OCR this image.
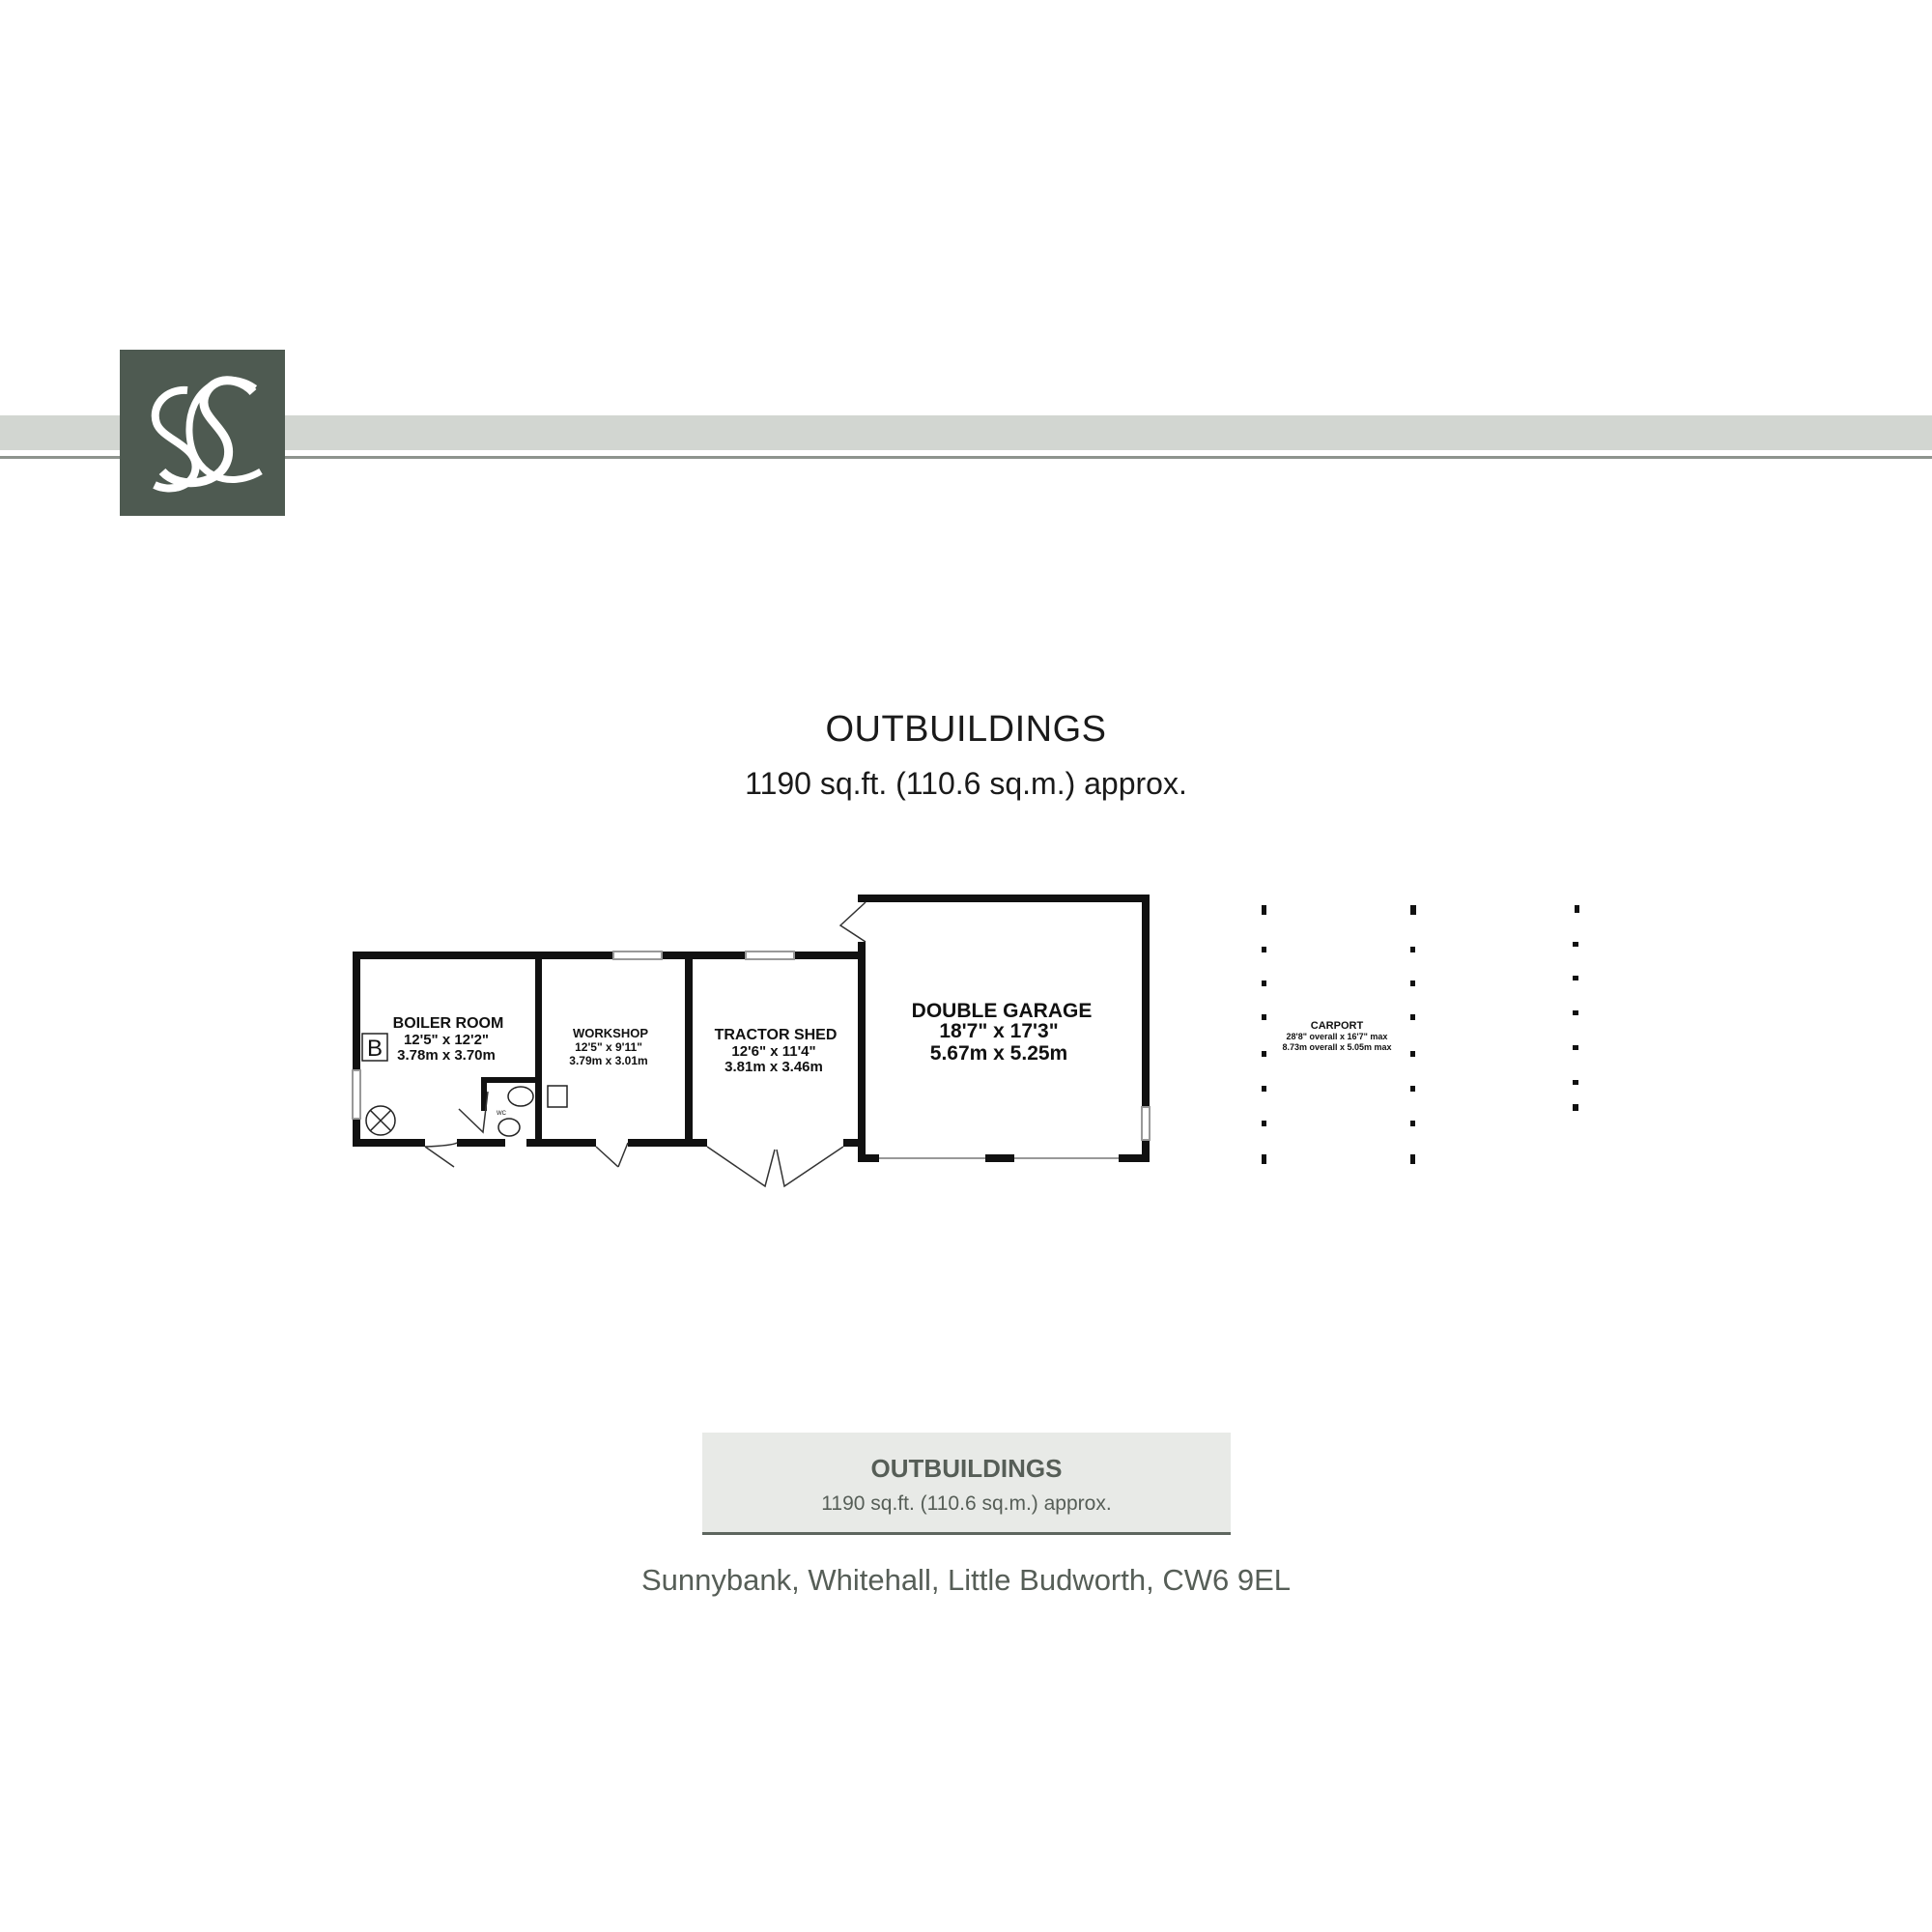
OUTBUILDINGS
1190 sq.ft. (110.6 sq.m.) approx.
B
WC
BOILER ROOM
12'5" x 12'2"
3.78m x 3.70m
WORKSHOP
12'5" x 9'11"
3.79m x 3.01m
TRACTOR SHED
12'6" x 11'4"
3.81m x 3.46m
DOUBLE GARAGE
18'7" x 17'3"
5.67m x 5.25m
CARPORT
28'8" overall x 16'7" max
8.73m overall x 5.05m max
OUTBUILDINGS
1190 sq.ft. (110.6 sq.m.) approx.
Sunnybank, Whitehall, Little Budworth, CW6 9EL
